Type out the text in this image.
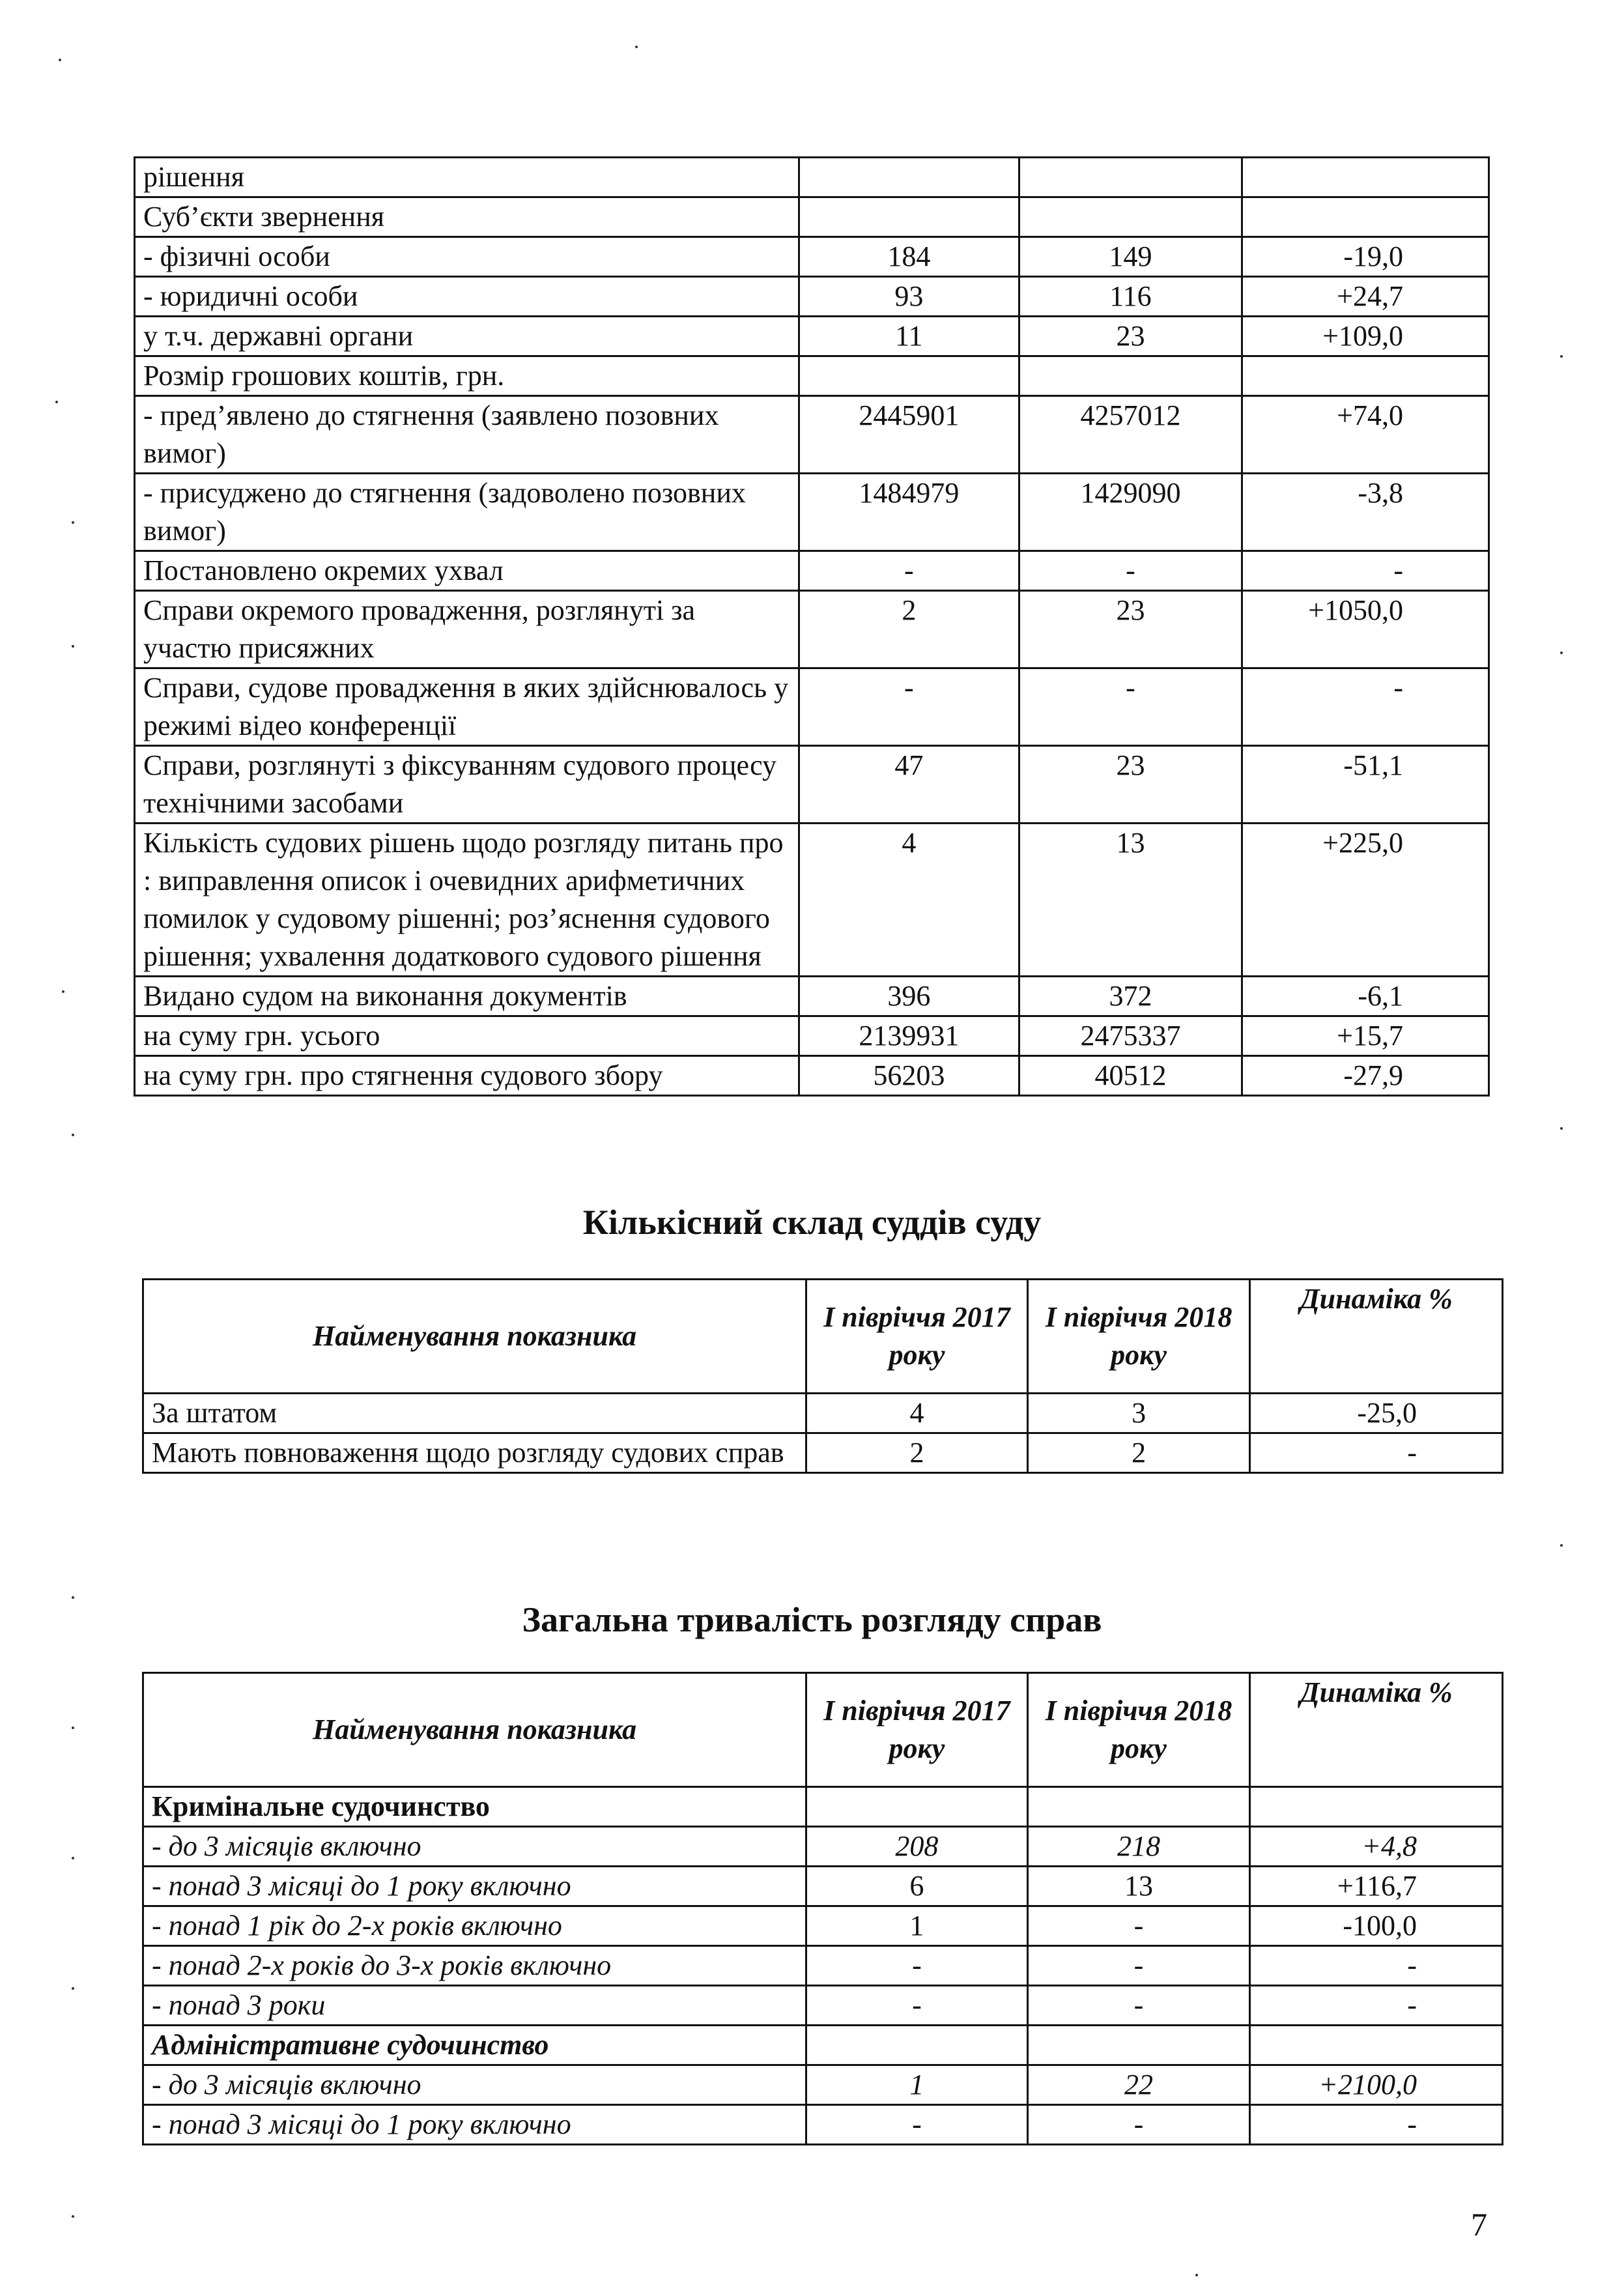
рішення			
Суб’єкти звернення			
- фізичні особи	184	149	-19,0
- юридичні особи	93	116	+24,7
у т.ч. державні органи	11	23	+109,0
Розмір грошових коштів, грн.			
- пред’явлено до стягнення (заявлено позовних вимог)	2445901	4257012	+74,0
- присуджено до стягнення (задоволено позовних вимог)	1484979	1429090	-3,8
Постановлено окремих ухвал	-	-	-
Справи окремого провадження, розглянуті за участю присяжних	2	23	+1050,0
Справи, судове провадження в яких здійснювалось у режимі відео конференції	-	-	-
Справи, розглянуті з фіксуванням судового процесу технічними засобами	47	23	-51,1
Кількість судових рішень щодо розгляду питань про : виправлення описок і очевидних арифметичних помилок у судовому рішенні; роз’яснення судового рішення; ухвалення додаткового судового рішення	4	13	+225,0
Видано судом на виконання документів	396	372	-6,1
на суму грн. усього	2139931	2475337	+15,7
на суму грн. про стягнення судового збору	56203	40512	-27,9
Кількісний склад суддів суду
Найменування показника	І півріччя 2017 року	І півріччя 2018 року	Динаміка %
За штатом	4	3	-25,0
Мають повноваження щодо розгляду судових справ	2	2	-
Загальна тривалість розгляду справ
Найменування показника	І півріччя 2017 року	І півріччя 2018 року	Динаміка %
Кримінальне судочинство			
- до 3 місяців включно	208	218	+4,8
- понад 3 місяці до 1 року включно	6	13	+116,7
- понад 1 рік до 2-х років включно	1	-	-100,0
- понад 2-х років до 3-х років включно	-	-	-
- понад 3 роки	-	-	-
Адміністративне судочинство			
- до 3 місяців включно	1	22	+2100,0
- понад 3 місяці до 1 року включно	-	-	-
7
